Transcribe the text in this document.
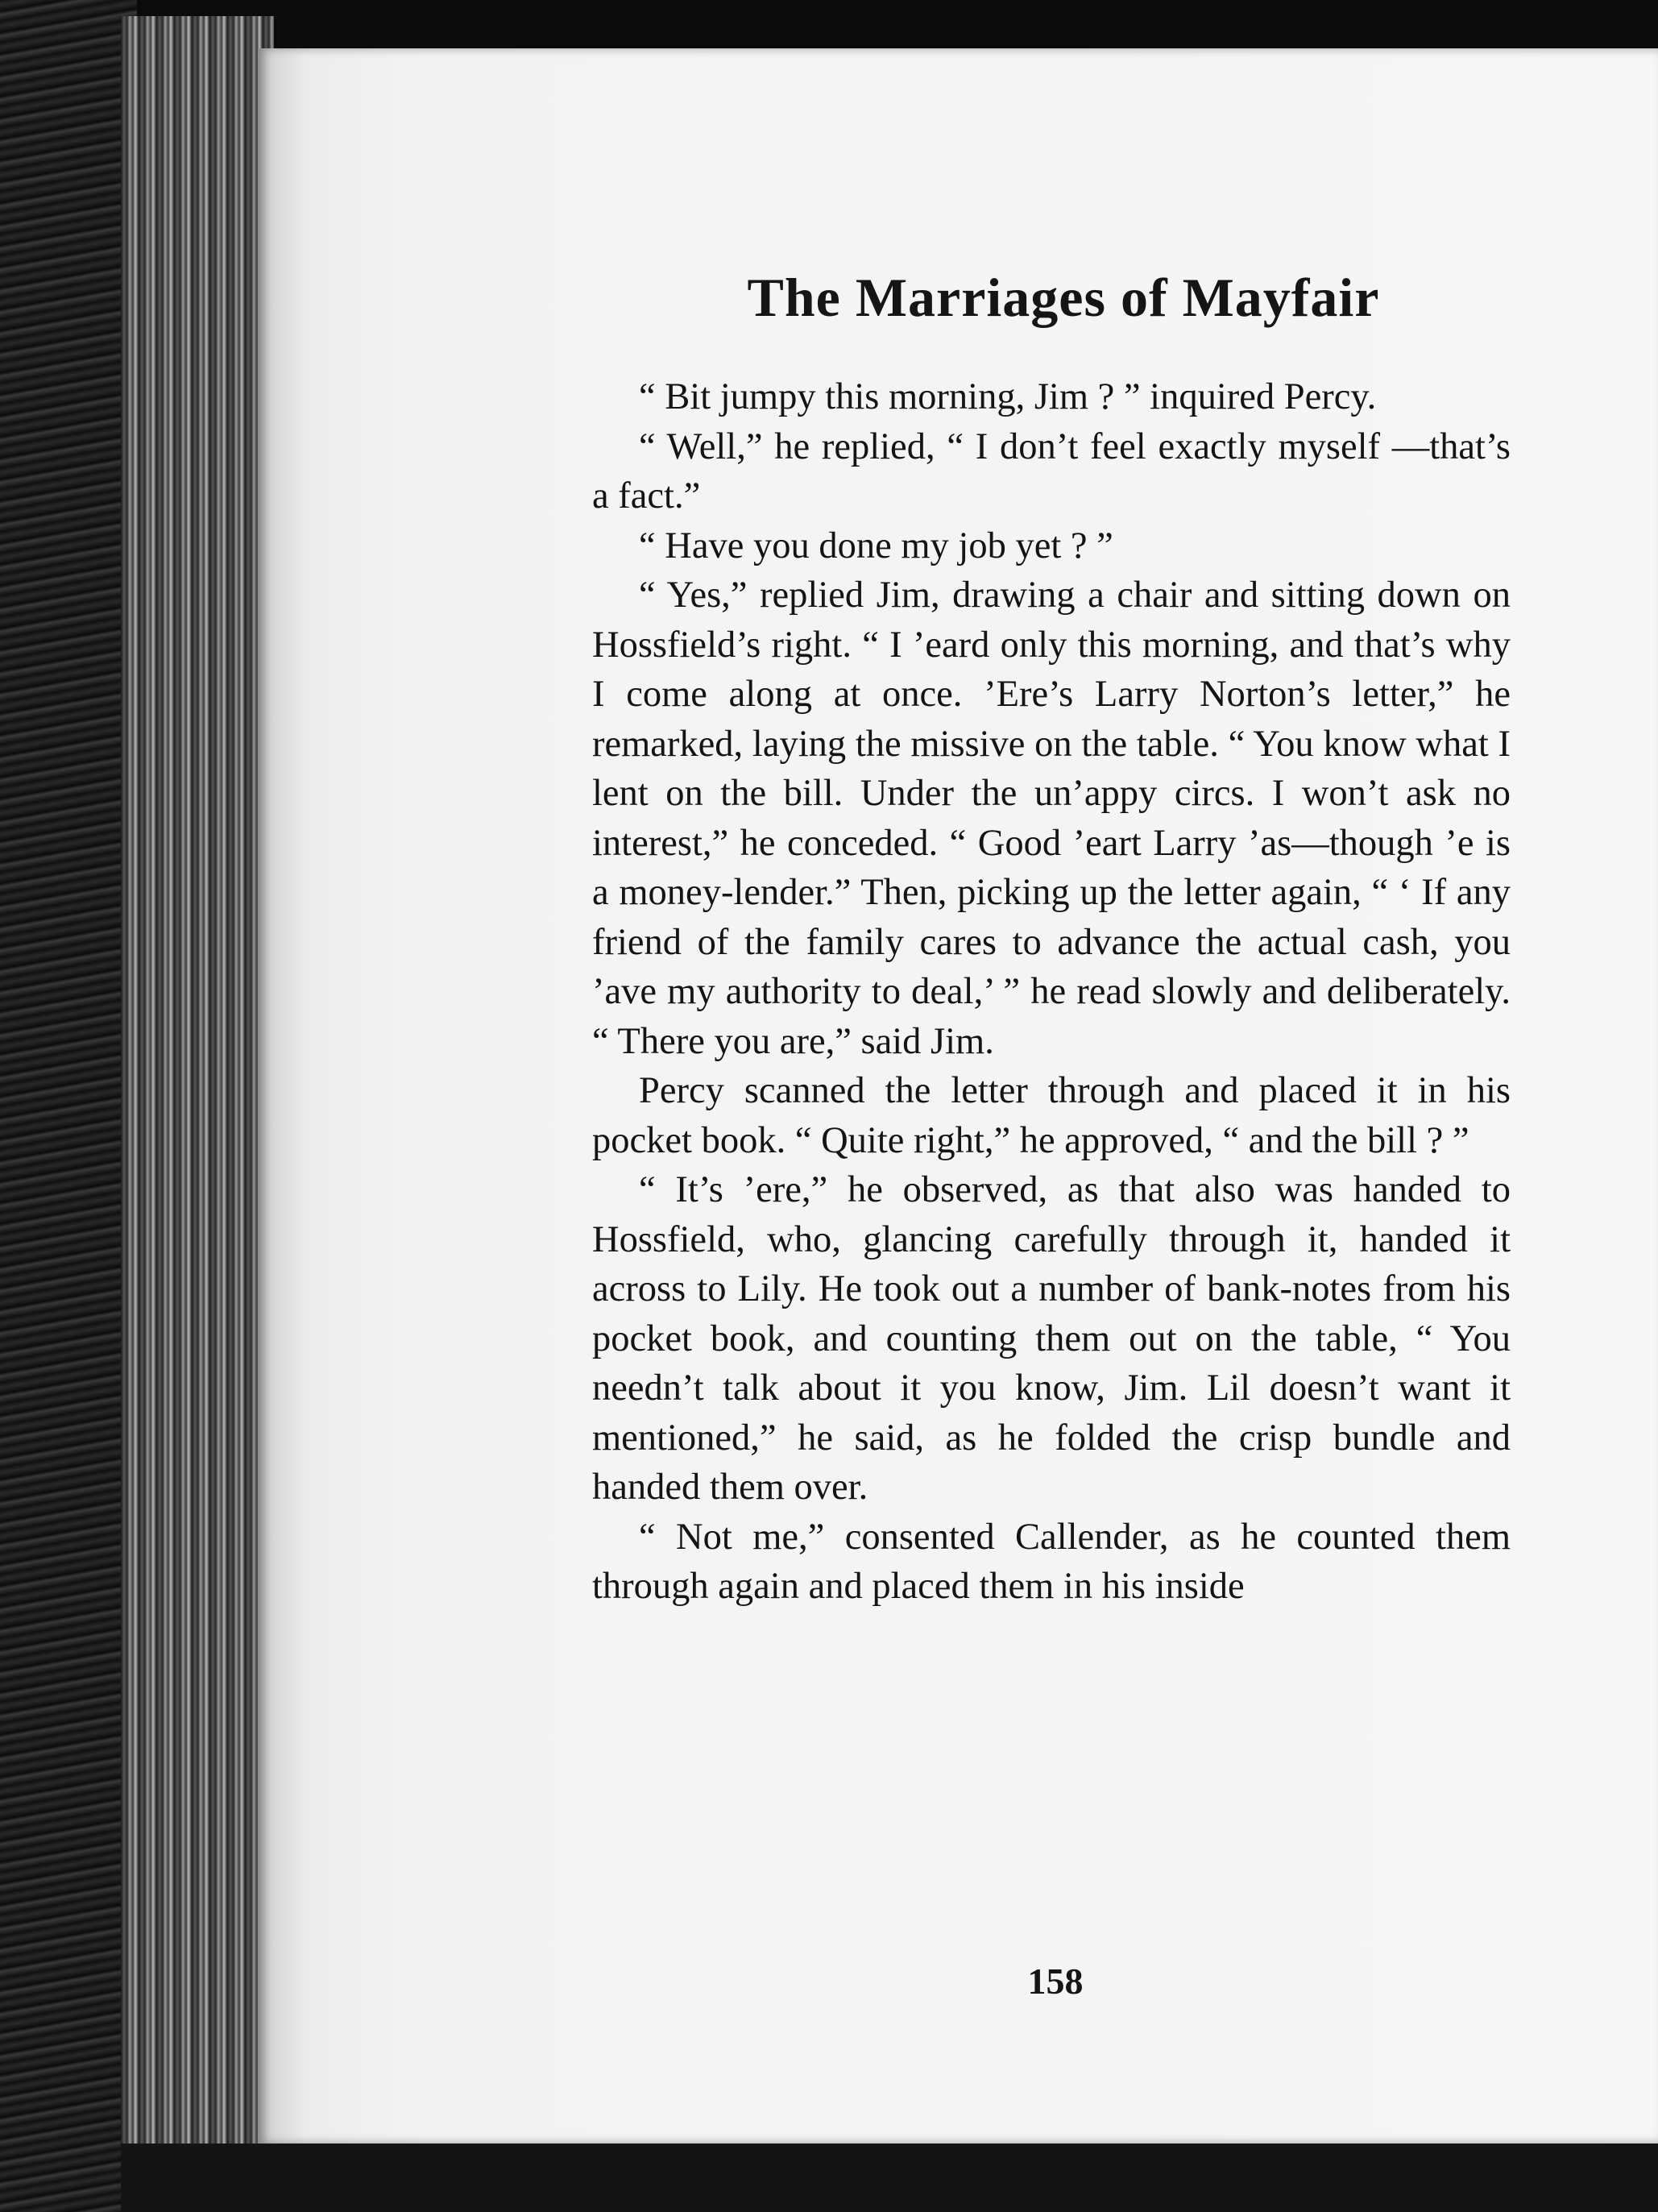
The Marriages of Mayfair

“ Bit jumpy this morning, Jim ? ” inquired Percy.

“ Well,” he replied, “ I don’t feel exactly myself —that’s a fact.”

“ Have you done my job yet ? ”

“ Yes,” replied Jim, drawing a chair and sitting down on Hossfield’s right. “ I ’eard only this morning, and that’s why I come along at once. ’Ere’s Larry Norton’s letter,” he remarked, laying the missive on the table. “ You know what I lent on the bill. Under the un’appy circs. I won’t ask no interest,” he conceded. “ Good ’eart Larry ’as—though ’e is a money-lender.” Then, picking up the letter again, “ ‘ If any friend of the family cares to advance the actual cash, you ’ave my authority to deal,’ ” he read slowly and deliberately. “ There you are,” said Jim.

Percy scanned the letter through and placed it in his pocket book. “ Quite right,” he approved, “ and the bill ? ”

“ It’s ’ere,” he observed, as that also was handed to Hossfield, who, glancing carefully through it, handed it across to Lily. He took out a number of bank-notes from his pocket book, and counting them out on the table, “ You needn’t talk about it you know, Jim. Lil doesn’t want it mentioned,” he said, as he folded the crisp bundle and handed them over.

“ Not me,” consented Callender, as he counted them through again and placed them in his inside

158
